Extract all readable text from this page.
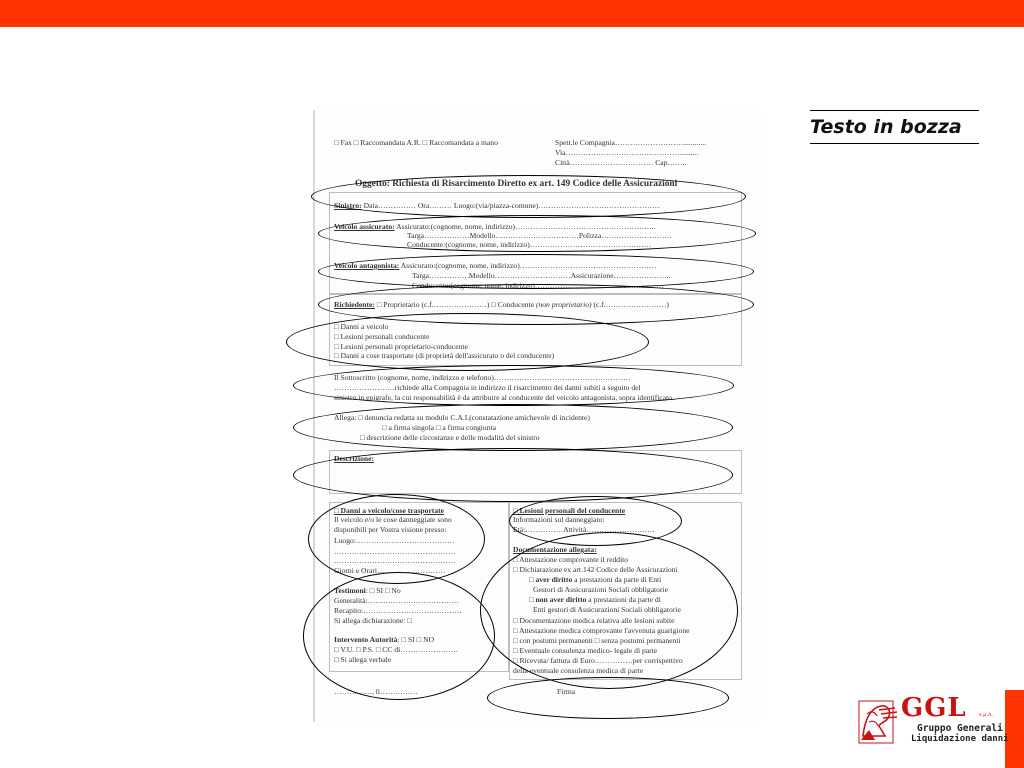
Testo in bozza
□ Fax □ Raccomandata A.R. □ Raccomandata a mano	Spett.le Compagnia………………………............
Via………………………………………..........
Città…………………………… Cap……..
Oggetto: Richiesta di Risarcimento Diretto ex art. 149 Codice delle Assicurazioni
Sinistro: Data…………… Ora……… Luogo:(via/piazza-comune)…………………………………………
Veicolo assicurato: Assicurato:(cognome, nome, indirizzo)………………………………………………..
Targa………………Modello……………………………Polizza……………………….
Conducente:(cognome, nome, indirizzo)…………………………………………
Veicolo antagonista: Assicurato:(cognome, nome, indirizzo)………………………………………………
Targa…………….Modello…………………………Assicurazione…………………..
Conducente:(cognome, nome, indirizzo)……………………………………………
Richiedente: □ Proprietario (c.f.…………………) □ Conducente (non proprietario) (c.f.……………………)
□ Danni a veicolo
□ Lesioni personali conducente
□ Lesioni personali proprietario-conducente
□ Danni a cose trasportate (di proprietà dell'assicurato o del conducente)
Il Sottoscritto (cognome, nome, indirizzo e telefono)………………………………………………
……………………richiede alla Compagnia in indirizzo il risarcimento dei danni subiti a seguito del
sinistro in epigrafe, la cui responsabilità è da attribuire al conducente del veicolo antagonista, sopra identificato.
Allega: □ denuncia redatta su modulo C.A.I.(constatazione amichevole di incidente)
□ a firma singola □ a firma congiunta
□ descrizione delle circostanze e delle modalità del sinistro
Descrizione:
□ Danni a veicolo/cose trasportate
Il veicolo e/o le cose danneggiate sono
disponibili per Vostra visione presso:
Luogo:…………………………………
…………………………………………
…………………………………………
Giorni e Orari………………………
Testimoni: □ SI □ No
Generalità:………………………………
Recapito:…………………………………
Si allega dichiarazione: □
Intervento Autorità: □ SI □ NO
□ V.U. □ P.S. □ CC di…………………..
□ Si allega verbale
□ Lesioni personali del conducente
Informazioni sul danneggiato:
Età:……………Attività………………………
Documentazione allegata:
□ Attestazione comprovante il reddito
□ Dichiarazione ex art.142 Codice delle Assicurazioni
□ aver diritto a prestazioni da parte di Enti
Gestori di Assicurazioni Sociali obbligatorie
□ non aver diritto a prestazioni da parte di
Enti gestori di Assicurazioni Sociali obbligatorie
□ Documentazione medica relativa alle lesioni subite
□ Attestazione medica comprovante l'avvenuta guarigione
□ con postumi permanenti □ senza postumi permanenti
□ Eventuale consulenza medico- legale di parte
□ Ricevuta/ fattura di Euro……………per corrispettivo
della eventuale consulenza medica di parte
……………, lì……………	Firma
GGL s.p.A.
Gruppo Generali
Liquidazione danni
